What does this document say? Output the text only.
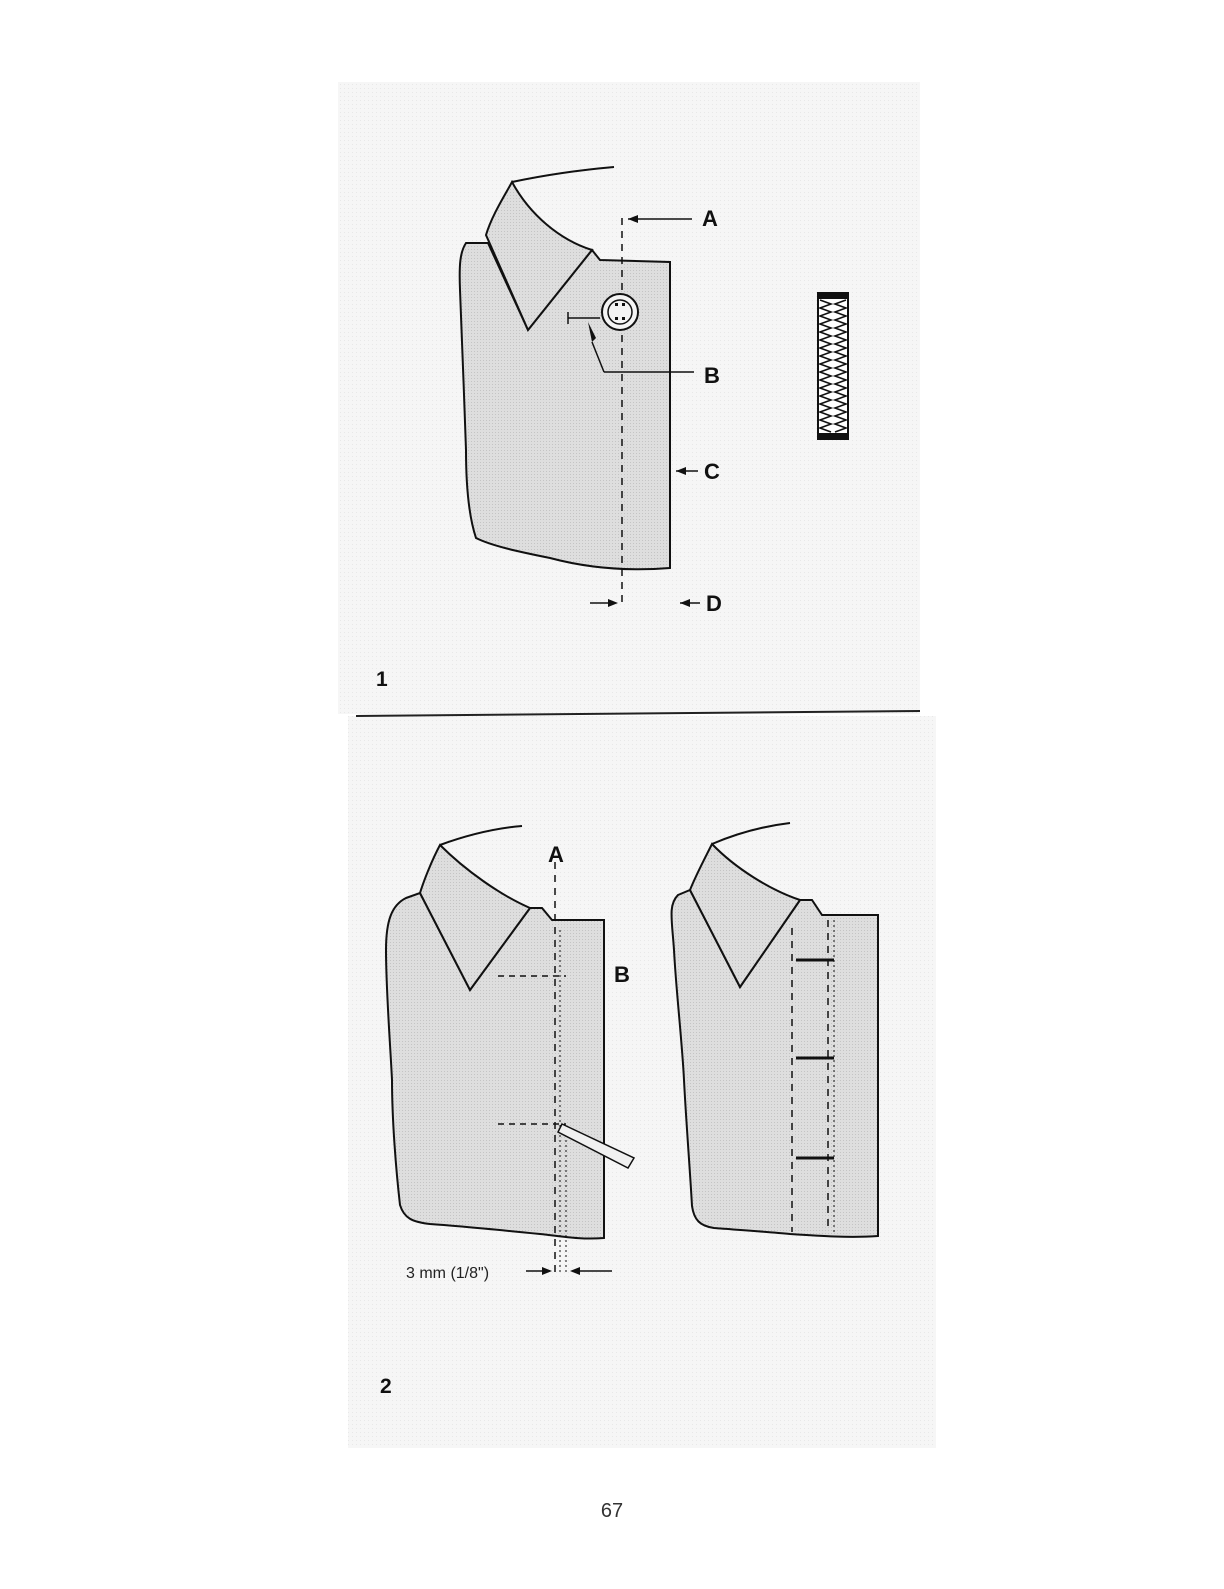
A
B
C
D
1
A
B
3 mm (1/8")
2
67
